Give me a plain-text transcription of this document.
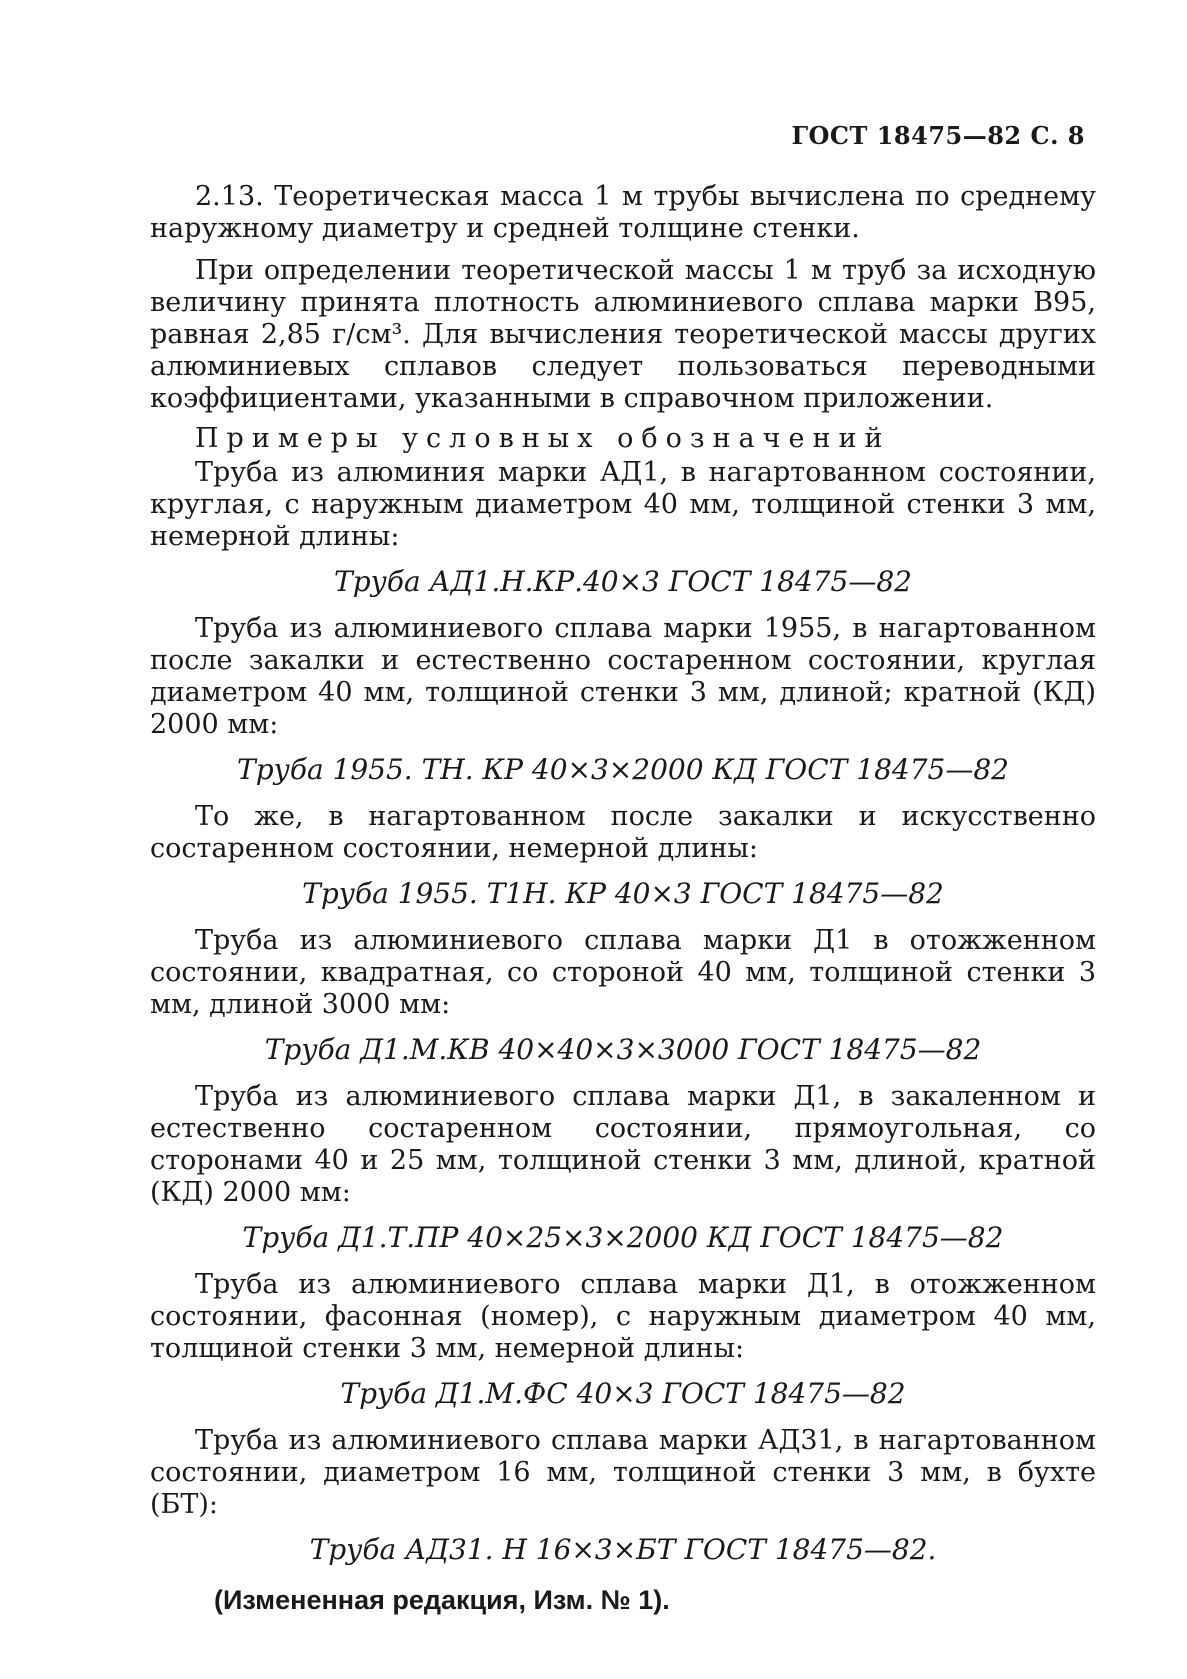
ГОСТ 18475—82 С. 8

2.13. Теоретическая масса 1 м трубы вычислена по среднему наружному диаметру и средней толщине стенки.

При определении теоретической массы 1 м труб за исходную величину принята плотность алюминиевого сплава марки В95, равная 2,85 г/см³. Для вычисления теоретической массы других алюминиевых сплавов следует пользоваться переводными коэффициентами, указанными в справочном приложении.

Примеры условных обозначений

Труба из алюминия марки АД1, в нагартованном состоянии, круглая, с наружным диаметром 40 мм, толщиной стенки 3 мм, немерной длины:

Труба АД1.Н.КР.40×3 ГОСТ 18475—82

Труба из алюминиевого сплава марки 1955, в нагартованном после закалки и естественно состаренном состоянии, круглая диаметром 40 мм, толщиной стенки 3 мм, длиной; кратной (КД) 2000 мм:

Труба 1955. ТН. КР 40×3×2000 КД ГОСТ 18475—82

То же, в нагартованном после закалки и искусственно состаренном состоянии, немерной длины:

Труба 1955. Т1Н. КР 40×3 ГОСТ 18475—82

Труба из алюминиевого сплава марки Д1 в отожженном состоянии, квадратная, со стороной 40 мм, толщиной стенки 3 мм, длиной 3000 мм:

Труба Д1.М.КВ 40×40×3×3000 ГОСТ 18475—82

Труба из алюминиевого сплава марки Д1, в закаленном и естественно состаренном состоянии, прямоугольная, со сторонами 40 и 25 мм, толщиной стенки 3 мм, длиной, кратной (КД) 2000 мм:

Труба Д1.Т.ПР 40×25×3×2000 КД ГОСТ 18475—82

Труба из алюминиевого сплава марки Д1, в отожженном состоянии, фасонная (номер), с наружным диаметром 40 мм, толщиной стенки 3 мм, немерной длины:

Труба Д1.М.ФС 40×3 ГОСТ 18475—82

Труба из алюминиевого сплава марки АД31, в нагартованном состоянии, диаметром 16 мм, толщиной стенки 3 мм, в бухте (БТ):

Труба АД31. Н 16×3×БТ ГОСТ 18475—82.

(Измененная редакция, Изм. № 1).
